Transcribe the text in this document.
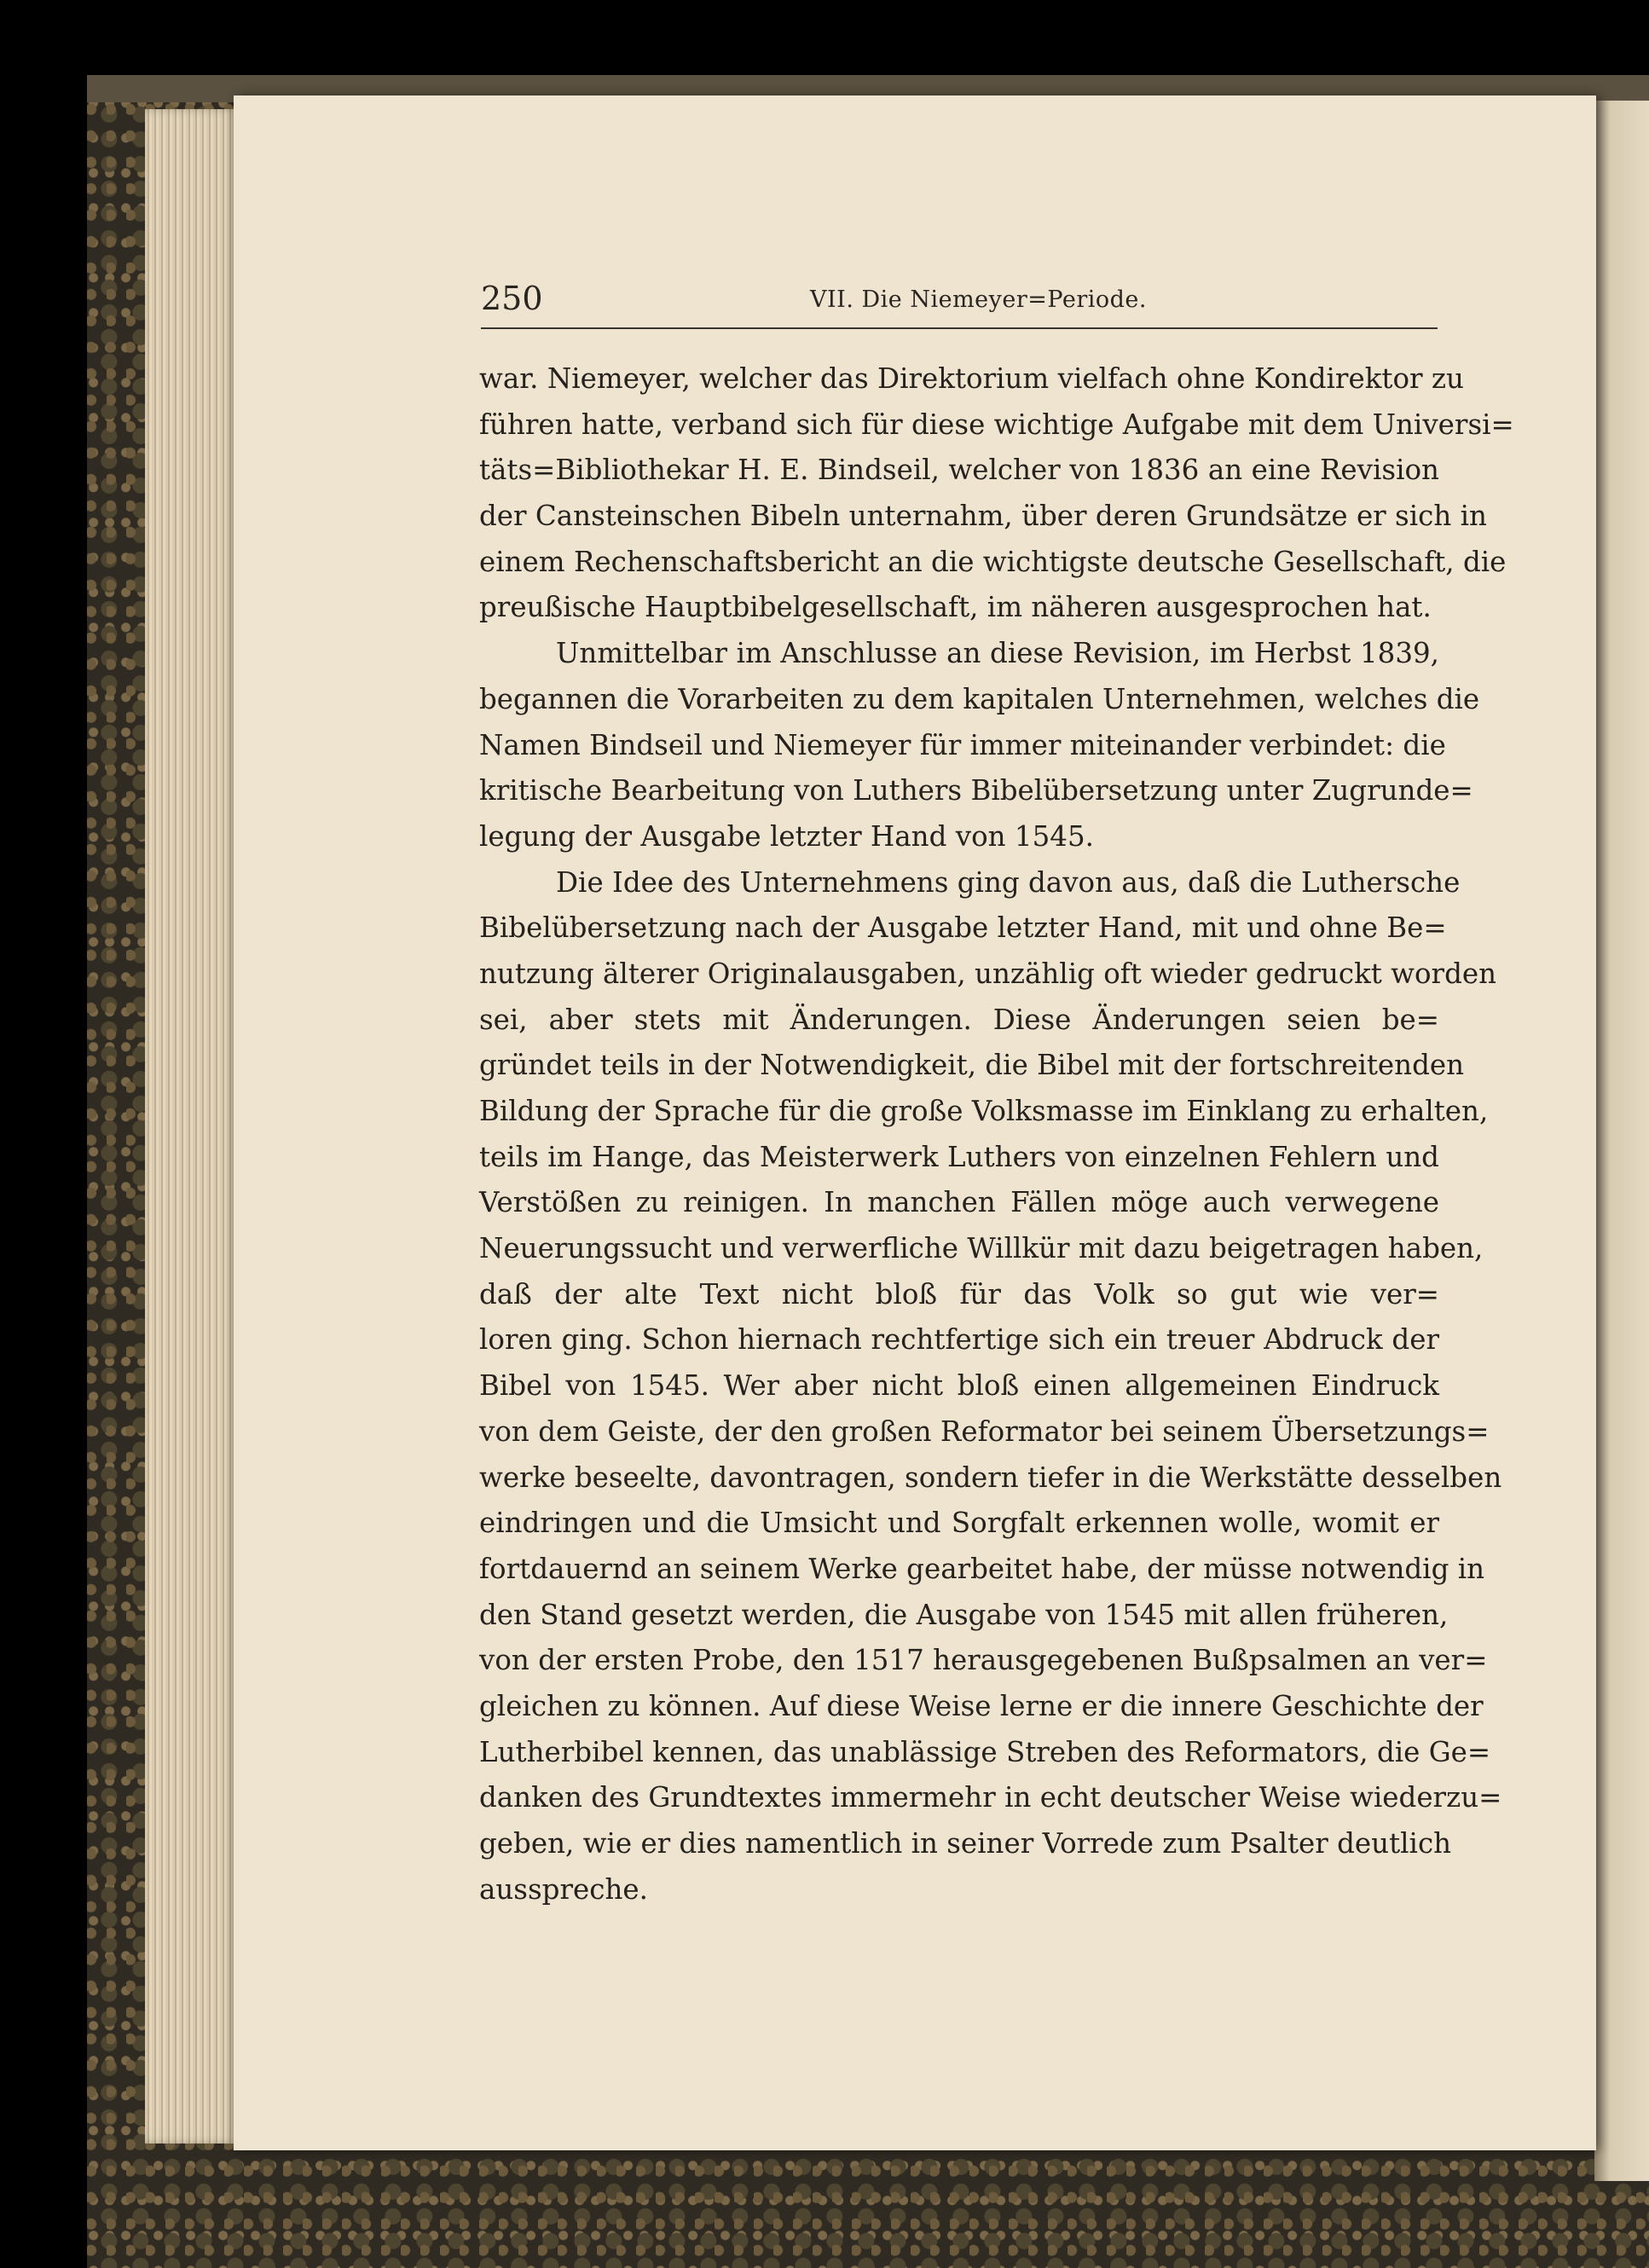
250	VII. Die Niemeyer=Periode.
war. Niemeyer, welcher das Direktorium vielfach ohne Kondirektor zu
führen hatte, verband sich für diese wichtige Aufgabe mit dem Universi=
täts=Bibliothekar H. E. Bindseil, welcher von 1836 an eine Revision
der Cansteinschen Bibeln unternahm, über deren Grundsätze er sich in
einem Rechenschaftsbericht an die wichtigste deutsche Gesellschaft, die
preußische Hauptbibelgesellschaft, im näheren ausgesprochen hat.
Unmittelbar im Anschlusse an diese Revision, im Herbst 1839,
begannen die Vorarbeiten zu dem kapitalen Unternehmen, welches die
Namen Bindseil und Niemeyer für immer miteinander verbindet: die
kritische Bearbeitung von Luthers Bibelübersetzung unter Zugrunde=
legung der Ausgabe letzter Hand von 1545.
Die Idee des Unternehmens ging davon aus, daß die Luthersche
Bibelübersetzung nach der Ausgabe letzter Hand, mit und ohne Be=
nutzung älterer Originalausgaben, unzählig oft wieder gedruckt worden
sei, aber stets mit Änderungen. Diese Änderungen seien be=
gründet teils in der Notwendigkeit, die Bibel mit der fortschreitenden
Bildung der Sprache für die große Volksmasse im Einklang zu erhalten,
teils im Hange, das Meisterwerk Luthers von einzelnen Fehlern und
Verstößen zu reinigen. In manchen Fällen möge auch verwegene
Neuerungssucht und verwerfliche Willkür mit dazu beigetragen haben,
daß der alte Text nicht bloß für das Volk so gut wie ver=
loren ging. Schon hiernach rechtfertige sich ein treuer Abdruck der
Bibel von 1545. Wer aber nicht bloß einen allgemeinen Eindruck
von dem Geiste, der den großen Reformator bei seinem Übersetzungs=
werke beseelte, davontragen, sondern tiefer in die Werkstätte desselben
eindringen und die Umsicht und Sorgfalt erkennen wolle, womit er
fortdauernd an seinem Werke gearbeitet habe, der müsse notwendig in
den Stand gesetzt werden, die Ausgabe von 1545 mit allen früheren,
von der ersten Probe, den 1517 herausgegebenen Bußpsalmen an ver=
gleichen zu können. Auf diese Weise lerne er die innere Geschichte der
Lutherbibel kennen, das unablässige Streben des Reformators, die Ge=
danken des Grundtextes immermehr in echt deutscher Weise wiederzu=
geben, wie er dies namentlich in seiner Vorrede zum Psalter deutlich
ausspreche.
